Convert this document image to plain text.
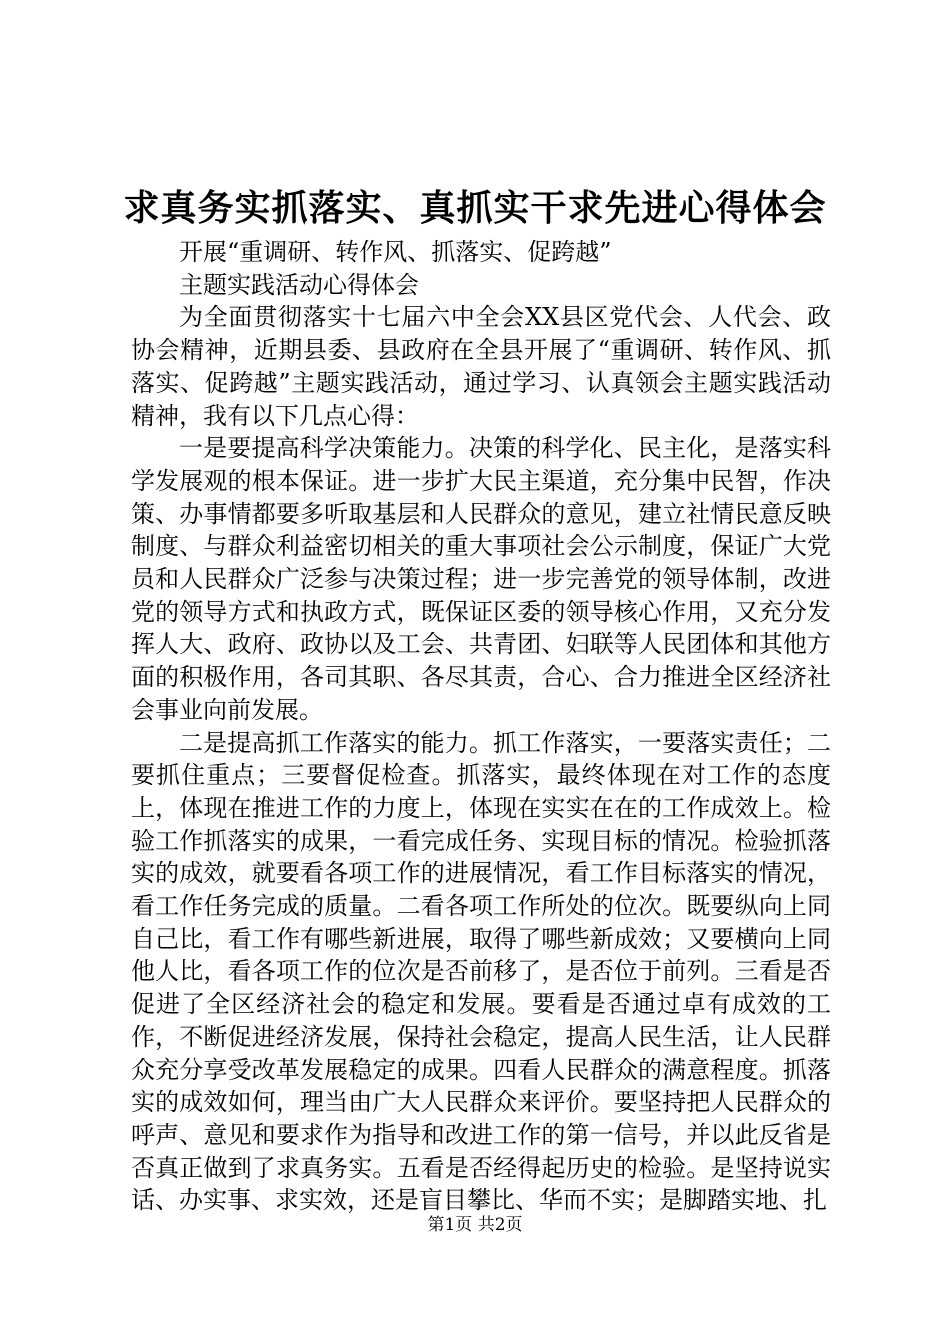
求真务实抓落实、真抓实干求先进心得体会

开展“重调研、转作风、抓落实、促跨越”

主题实践活动心得体会

为全面贯彻落实十七届六中全会XX县区党代会、人代会、政协会精神，近期县委、县政府在全县开展了“重调研、转作风、抓落实、促跨越”主题实践活动，通过学习、认真领会主题实践活动精神，我有以下几点心得：

一是要提高科学决策能力。决策的科学化、民主化，是落实科学发展观的根本保证。进一步扩大民主渠道，充分集中民智，作决策、办事情都要多听取基层和人民群众的意见，建立社情民意反映制度、与群众利益密切相关的重大事项社会公示制度，保证广大党员和人民群众广泛参与决策过程；进一步完善党的领导体制，改进党的领导方式和执政方式，既保证区委的领导核心作用，又充分发挥人大、政府、政协以及工会、共青团、妇联等人民团体和其他方面的积极作用，各司其职、各尽其责，合心、合力推进全区经济社会事业向前发展。

二是提高抓工作落实的能力。抓工作落实，一要落实责任；二要抓住重点；三要督促检查。抓落实，最终体现在对工作的态度上，体现在推进工作的力度上，体现在实实在在的工作成效上。检验工作抓落实的成果，一看完成任务、实现目标的情况。检验抓落实的成效，就要看各项工作的进展情况，看工作目标落实的情况，看工作任务完成的质量。二看各项工作所处的位次。既要纵向上同自己比，看工作有哪些新进展，取得了哪些新成效；又要横向上同他人比，看各项工作的位次是否前移了，是否位于前列。三看是否促进了全区经济社会的稳定和发展。要看是否通过卓有成效的工作，不断促进经济发展，保持社会稳定，提高人民生活，让人民群众充分享受改革发展稳定的成果。四看人民群众的满意程度。抓落实的成效如何，理当由广大人民群众来评价。要坚持把人民群众的呼声、意见和要求作为指导和改进工作的第一信号，并以此反省是否真正做到了求真务实。五看是否经得起历史的检验。是坚持说实话、办实事、求实效，还是盲目攀比、华而不实；是脚踏实地、扎

第1页 共2页
